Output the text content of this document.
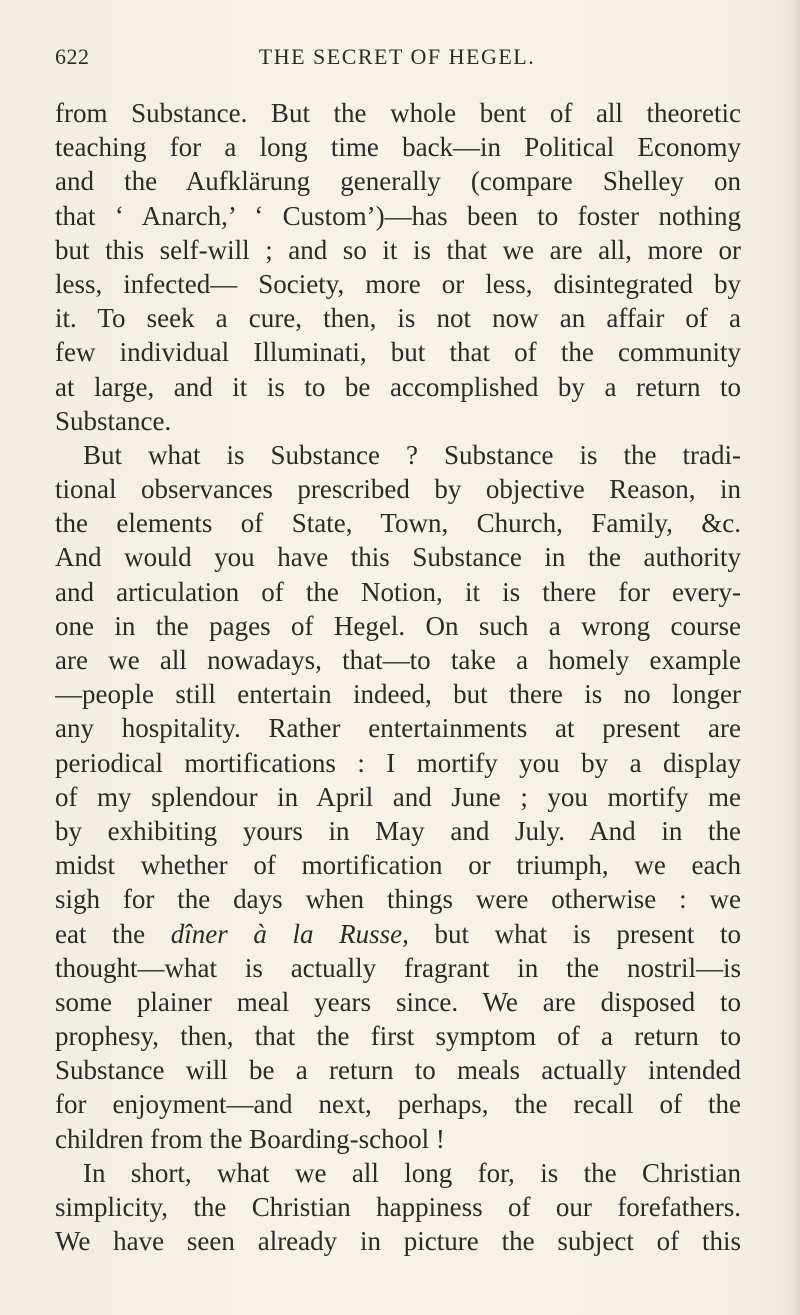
622	THE SECRET OF HEGEL.
from Substance. But the whole bent of all theoretic
teaching for a long time back—in Political Economy
and the Aufklärung generally (compare Shelley on
that ‘ Anarch,’ ‘ Custom’)—has been to foster nothing
but this self-will ; and so it is that we are all, more or
less, infected— Society, more or less, disintegrated by
it. To seek a cure, then, is not now an affair of a
few individual Illuminati, but that of the community
at large, and it is to be accomplished by a return to
Substance.
But what is Substance ? Substance is the tradi-
tional observances prescribed by objective Reason, in
the elements of State, Town, Church, Family, &c.
And would you have this Substance in the authority
and articulation of the Notion, it is there for every-
one in the pages of Hegel. On such a wrong course
are we all nowadays, that—to take a homely example
—people still entertain indeed, but there is no longer
any hospitality. Rather entertainments at present are
periodical mortifications : I mortify you by a display
of my splendour in April and June ; you mortify me
by exhibiting yours in May and July. And in the
midst whether of mortification or triumph, we each
sigh for the days when things were otherwise : we
eat the dîner à la Russe, but what is present to
thought—what is actually fragrant in the nostril—is
some plainer meal years since. We are disposed to
prophesy, then, that the first symptom of a return to
Substance will be a return to meals actually intended
for enjoyment—and next, perhaps, the recall of the
children from the Boarding-school !
In short, what we all long for, is the Christian
simplicity, the Christian happiness of our forefathers.
We have seen already in picture the subject of this
